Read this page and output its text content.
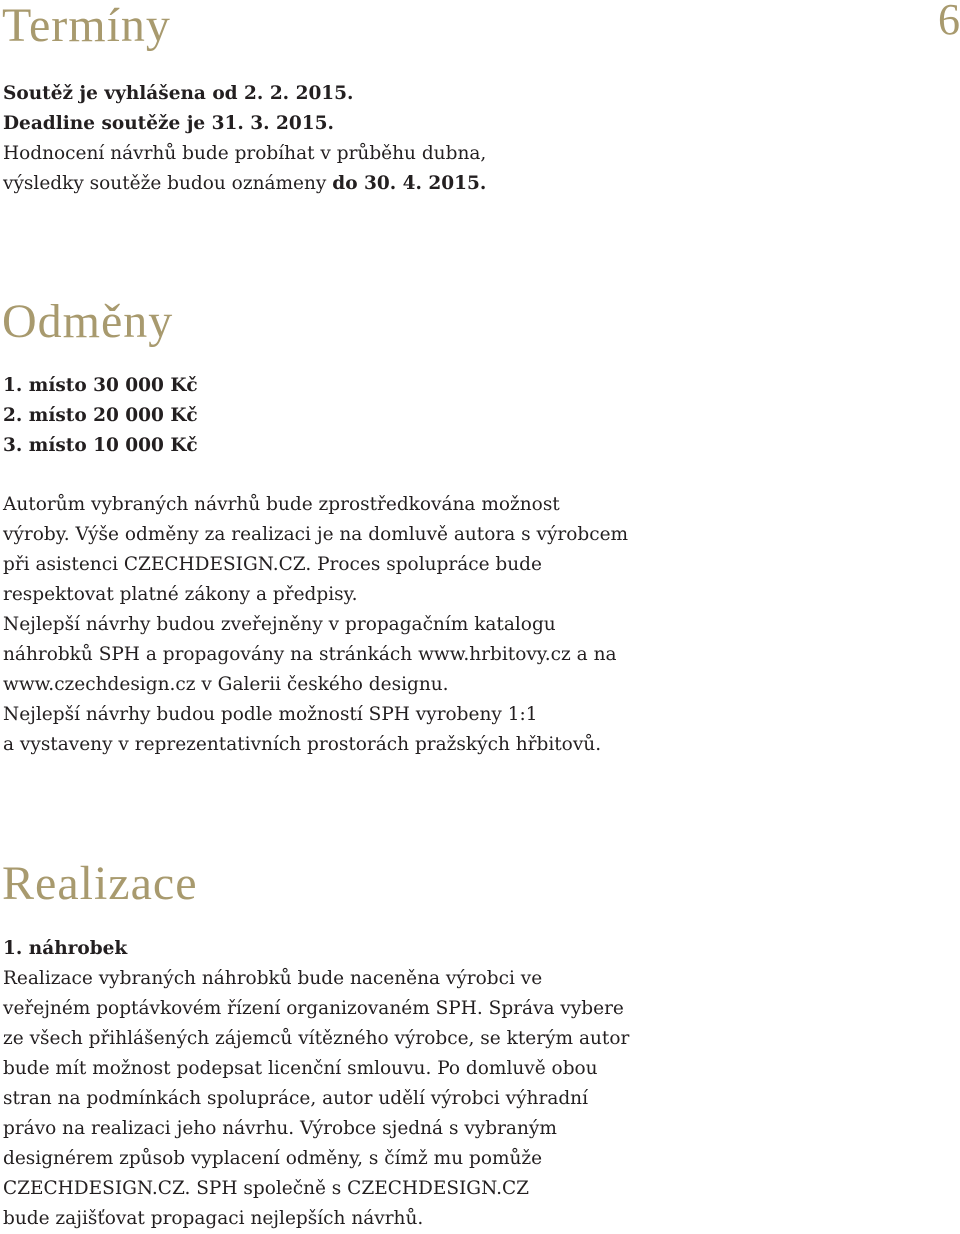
6
Termíny
Soutěž je vyhlášena od 2. 2. 2015.
Deadline soutěže je 31. 3. 2015.
Hodnocení návrhů bude probíhat v průběhu dubna,
výsledky soutěže budou oznámeny do 30. 4. 2015.
Odměny
1. místo 30 000 Kč
2. místo 20 000 Kč
3. místo 10 000 Kč
Autorům vybraných návrhů bude zprostředkována možnost
výroby. Výše odměny za realizaci je na domluvě autora s výrobcem
při asistenci CZECHDESIGN.CZ. Proces spolupráce bude
respektovat platné zákony a předpisy.
Nejlepší návrhy budou zveřejněny v propagačním katalogu
náhrobků SPH a propagovány na stránkách www.hrbitovy.cz a na
www.czechdesign.cz v Galerii českého designu.
Nejlepší návrhy budou podle možností SPH vyrobeny 1:1
a vystaveny v reprezentativních prostorách pražských hřbitovů.
Realizace
1. náhrobek
Realizace vybraných náhrobků bude naceněna výrobci ve
veřejném poptávkovém řízení organizovaném SPH. Správa vybere
ze všech přihlášených zájemců vítězného výrobce, se kterým autor
bude mít možnost podepsat licenční smlouvu. Po domluvě obou
stran na podmínkách spolupráce, autor udělí výrobci výhradní
právo na realizaci jeho návrhu. Výrobce sjedná s vybraným
designérem způsob vyplacení odměny, s čímž mu pomůže
CZECHDESIGN.CZ. SPH společně s CZECHDESIGN.CZ
bude zajišťovat propagaci nejlepších návrhů.
